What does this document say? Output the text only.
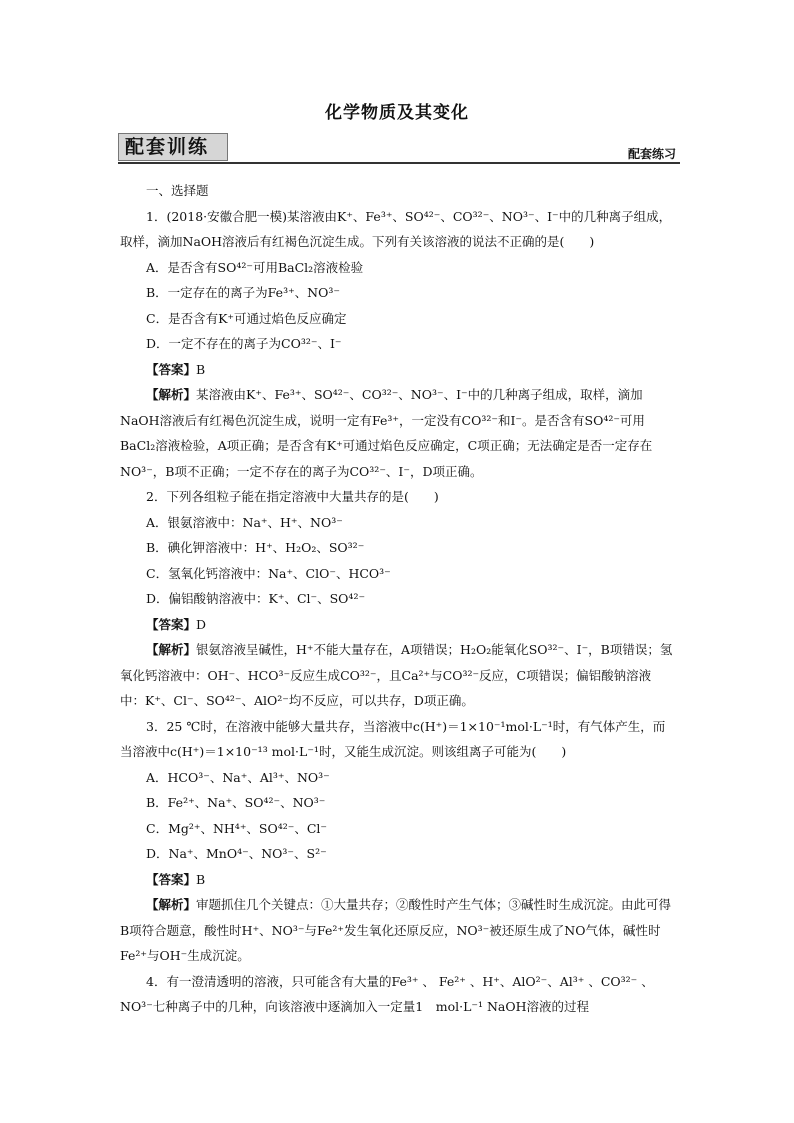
化学物质及其变化
配套训练	配套练习

一、选择题

1．(2018·安徽合肥一模)某溶液由K⁺、Fe³⁺、SO⁴²⁻、CO³²⁻、NO³⁻、I⁻中的几种离子组成，取样，滴加NaOH溶液后有红褐色沉淀生成。下列有关该溶液的说法不正确的是(　　)

A．是否含有SO⁴²⁻可用BaCl₂溶液检验

B．一定存在的离子为Fe³⁺、NO³⁻

C．是否含有K⁺可通过焰色反应确定

D．一定不存在的离子为CO³²⁻、I⁻

【答案】B

【解析】某溶液由K⁺、Fe³⁺、SO⁴²⁻、CO³²⁻、NO³⁻、I⁻中的几种离子组成，取样，滴加NaOH溶液后有红褐色沉淀生成，说明一定有Fe³⁺，一定没有CO³²⁻和I⁻。是否含有SO⁴²⁻可用BaCl₂溶液检验，A项正确；是否含有K⁺可通过焰色反应确定，C项正确；无法确定是否一定存在NO³⁻，B项不正确；一定不存在的离子为CO³²⁻、I⁻，D项正确。

2．下列各组粒子能在指定溶液中大量共存的是(　　)

A．银氨溶液中：Na⁺、H⁺、NO³⁻

B．碘化钾溶液中：H⁺、H₂O₂、SO³²⁻

C．氢氧化钙溶液中：Na⁺、ClO⁻、HCO³⁻

D．偏铝酸钠溶液中：K⁺、Cl⁻、SO⁴²⁻

【答案】D

【解析】银氨溶液呈碱性，H⁺不能大量存在，A项错误；H₂O₂能氧化SO³²⁻、I⁻，B项错误；氢氧化钙溶液中：OH⁻、HCO³⁻反应生成CO³²⁻，且Ca²⁺与CO³²⁻反应，C项错误；偏铝酸钠溶液中：K⁺、Cl⁻、SO⁴²⁻、AlO²⁻均不反应，可以共存，D项正确。

3．25 ℃时，在溶液中能够大量共存，当溶液中c(H⁺)＝1×10⁻¹mol·L⁻¹时，有气体产生，而当溶液中c(H⁺)＝1×10⁻¹³ mol·L⁻¹时，又能生成沉淀。则该组离子可能为(　　)

A．HCO³⁻、Na⁺、Al³⁺、NO³⁻

B．Fe²⁺、Na⁺、SO⁴²⁻、NO³⁻

C．Mg²⁺、NH⁴⁺、SO⁴²⁻、Cl⁻

D．Na⁺、MnO⁴⁻、NO³⁻、S²⁻

【答案】B

【解析】审题抓住几个关键点：①大量共存；②酸性时产生气体；③碱性时生成沉淀。由此可得B项符合题意，酸性时H⁺、NO³⁻与Fe²⁺发生氧化还原反应，NO³⁻被还原生成了NO气体，碱性时Fe²⁺与OH⁻生成沉淀。

4．有一澄清透明的溶液，只可能含有大量的Fe³⁺ 、 Fe²⁺ 、H⁺、AlO²⁻、Al³⁺ 、CO³²⁻ 、NO³⁻七种离子中的几种，向该溶液中逐滴加入一定量1　mol·L⁻¹ NaOH溶液的过程
